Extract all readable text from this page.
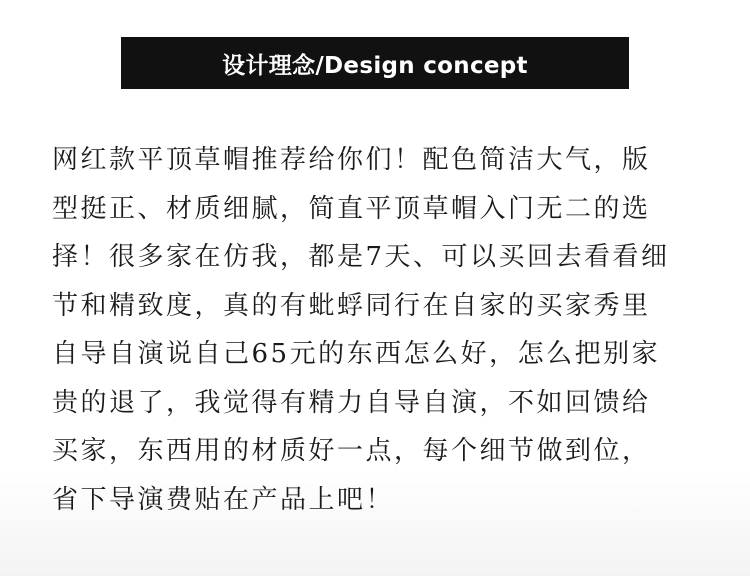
设计理念/Design concept
网红款平顶草帽推荐给你们！配色简洁大气，版
型挺正、材质细腻，简直平顶草帽入门无二的选
择！很多家在仿我，都是7天、可以买回去看看细
节和精致度，真的有蚍蜉同行在自家的买家秀里
自导自演说自己65元的东西怎么好，怎么把别家
贵的退了，我觉得有精力自导自演，不如回馈给
买家，东西用的材质好一点，每个细节做到位，
省下导演费贴在产品上吧！
